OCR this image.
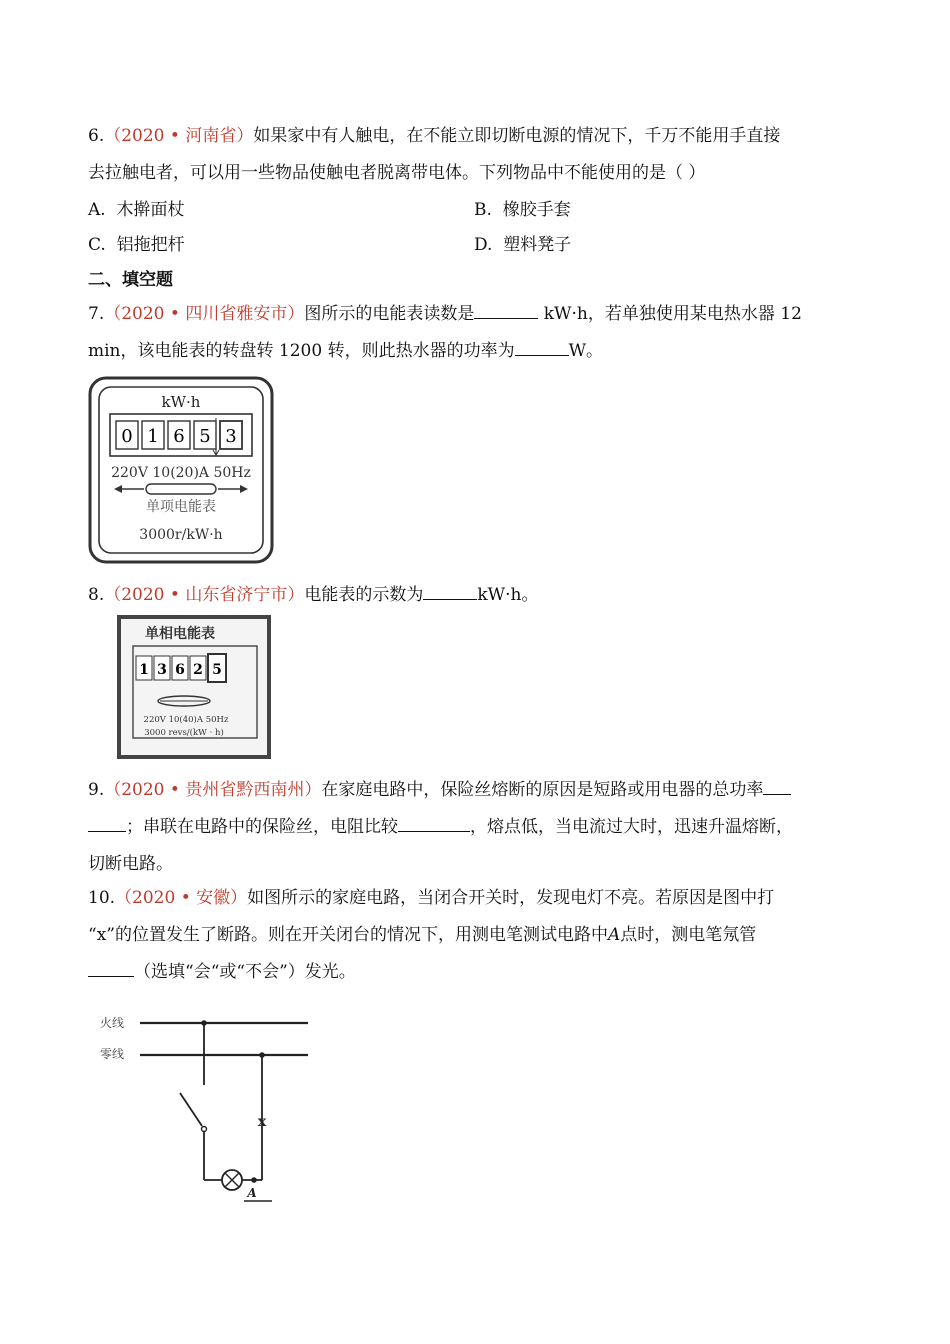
6.（2020 • 河南省）如果家中有人触电，在不能立即切断电源的情况下，千万不能用手直接
去拉触电者，可以用一些物品使触电者脱离带电体。下列物品中不能使用的是（ ）
A. 木擀面杖	B. 橡胶手套
C. 铝拖把杆	D. 塑料凳子
二、填空题
7.（2020 • 四川省雅安市）图所示的电能表读数是	kW·h，若单独使用某电热水器 12
min，该电能表的转盘转 1200 转，则此热水器的功率为	W。
kW·h
0 1 6 5 3
220V 10(20)A 50Hz
单项电能表
3000r/kW·h
8.（2020 • 山东省济宁市）电能表的示数为	kW·h。
单相电能表
1 3 6 2 5
220V 10(40)A 50Hz
3000 revs/(kW · h)
9.（2020 • 贵州省黔西南州）在家庭电路中，保险丝熔断的原因是短路或用电器的总功率
；串联在电路中的保险丝，电阻比较	，熔点低，当电流过大时，迅速升温熔断，
切断电路。
10.（2020 • 安徽）如图所示的家庭电路，当闭合开关时，发现电灯不亮。若原因是图中打
“x”的位置发生了断路。则在开关闭台的情况下，用测电笔测试电路中A点时，测电笔氖管
（选填“会“或“不会”）发光。
火线
零线
x
A
